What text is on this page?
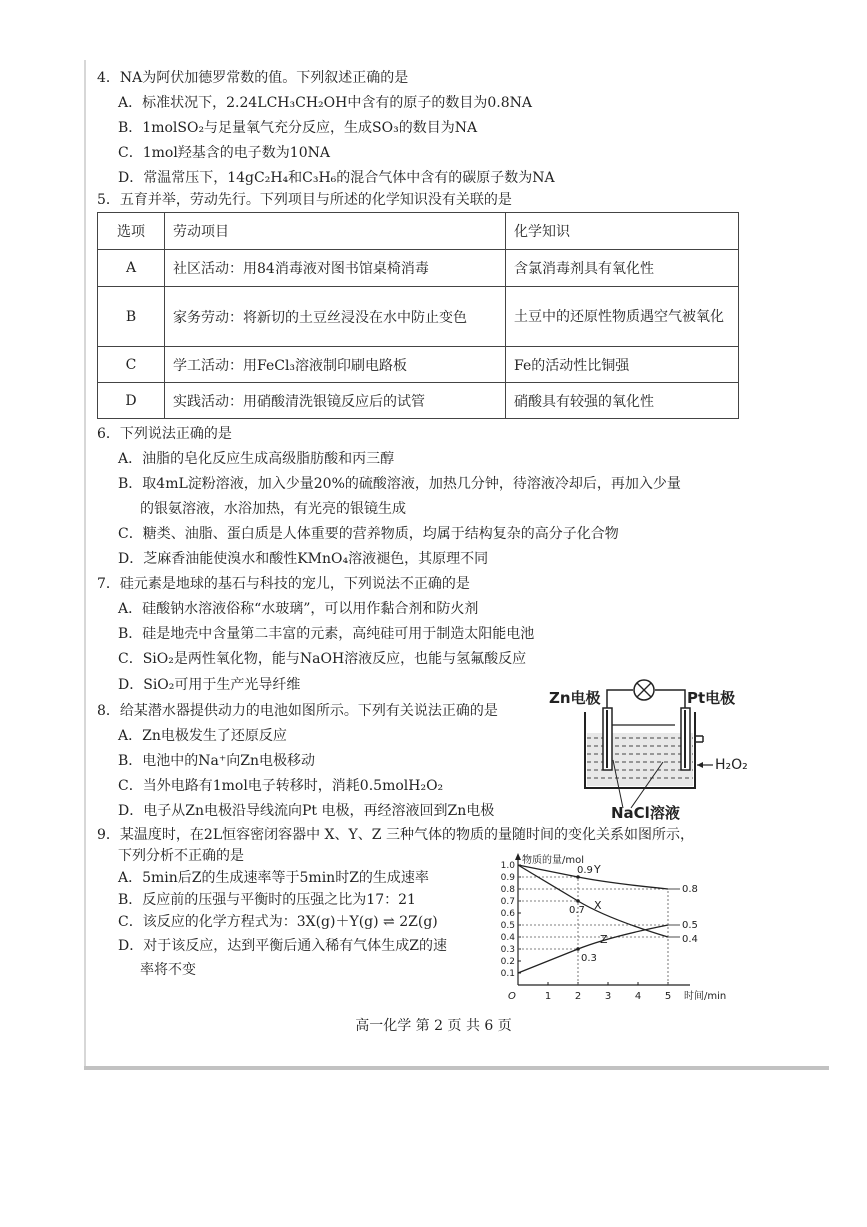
4．NA为阿伏加德罗常数的值。下列叙述正确的是
A．标准状况下，2.24LCH₃CH₂OH中含有的原子的数目为0.8NA
B．1molSO₂与足量氧气充分反应，生成SO₃的数目为NA
C．1mol羟基含的电子数为10NA
D．常温常压下，14gC₂H₄和C₃H₆的混合气体中含有的碳原子数为NA
5．五育并举，劳动先行。下列项目与所述的化学知识没有关联的是
选项	劳动项目	化学知识
A	社区活动：用84消毒液对图书馆桌椅消毒	含氯消毒剂具有氧化性
B	家务劳动：将新切的土豆丝浸没在水中防止变色	土豆中的还原性物质遇空气被氧化
C	学工活动：用FeCl₃溶液制印刷电路板	Fe的活动性比铜强
D	实践活动：用硝酸清洗银镜反应后的试管	硝酸具有较强的氧化性
6．下列说法正确的是
A．油脂的皂化反应生成高级脂肪酸和丙三醇
B．取4mL淀粉溶液，加入少量20%的硫酸溶液，加热几分钟，待溶液冷却后，再加入少量
的银氨溶液，水浴加热，有光亮的银镜生成
C．糖类、油脂、蛋白质是人体重要的营养物质，均属于结构复杂的高分子化合物
D．芝麻香油能使溴水和酸性KMnO₄溶液褪色，其原理不同
7．硅元素是地球的基石与科技的宠儿，下列说法不正确的是
A．硅酸钠水溶液俗称“水玻璃”，可以用作黏合剂和防火剂
B．硅是地壳中含量第二丰富的元素，高纯硅可用于制造太阳能电池
C．SiO₂是两性氧化物，能与NaOH溶液反应，也能与氢氟酸反应
D．SiO₂可用于生产光导纤维
8．给某潜水器提供动力的电池如图所示。下列有关说法正确的是
A．Zn电极发生了还原反应
B．电池中的Na⁺向Zn电极移动
C．当外电路有1mol电子转移时，消耗0.5molH₂O₂
D．电子从Zn电极沿导线流向Pt 电极，再经溶液回到Zn电极
Zn电极	Pt电极
H₂O₂
NaCl溶液
9．某温度时，在2L恒容密闭容器中 X、Y、Z 三种气体的物质的量随时间的变化关系如图所示，
下列分析不正确的是
A．5min后Z的生成速率等于5min时Z的生成速率
B．反应前的压强与平衡时的压强之比为17：21
C．该反应的化学方程式为：3X(g)＋Y(g) ⇌ 2Z(g)
D．对于该反应，达到平衡后通入稀有气体生成Z的速
率将不变
物质的量/mol
时间/min
O
0.1
0.2
0.3
0.4
0.5
0.6
0.7
0.8
0.9
1.0
1 2 3 4 5
Y
X
Z
0.9
0.7
0.3
0.8
0.5
0.4
高一化学 第 2 页 共 6 页
